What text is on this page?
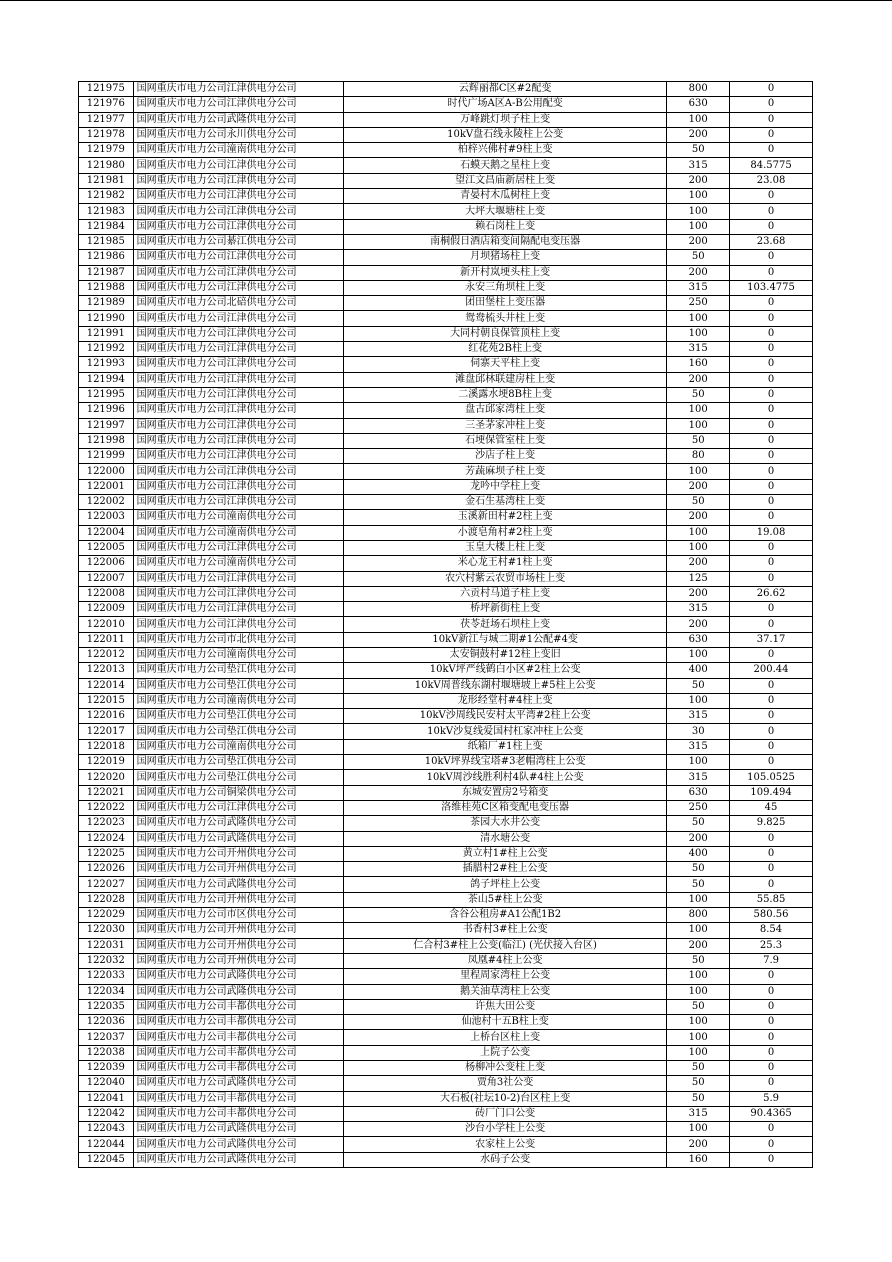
121975	国网重庆市电力公司江津供电分公司	云辉丽都C区#2配变	800	0
121976	国网重庆市电力公司江津供电分公司	时代广场A区A-B公用配变	630	0
121977	国网重庆市电力公司武隆供电分公司	万峰跳灯坝子柱上变	100	0
121978	国网重庆市电力公司永川供电分公司	10kV盘石线永陵柱上公变	200	0
121979	国网重庆市电力公司潼南供电分公司	柏梓兴佛村#9柱上变	50	0
121980	国网重庆市电力公司江津供电分公司	石蟆天鹅之星柱上变	315	84.5775
121981	国网重庆市电力公司江津供电分公司	望江文昌庙新居柱上变	200	23.08
121982	国网重庆市电力公司江津供电分公司	青晏村木瓜树柱上变	100	0
121983	国网重庆市电力公司江津供电分公司	大坪大堰塘柱上变	100	0
121984	国网重庆市电力公司江津供电分公司	赖石岗柱上变	100	0
121985	国网重庆市电力公司綦江供电分公司	南桐假日酒店箱变间隔配电变压器	200	23.68
121986	国网重庆市电力公司江津供电分公司	月坝猪场柱上变	50	0
121987	国网重庆市电力公司江津供电分公司	新开村岚埂头柱上变	200	0
121988	国网重庆市电力公司江津供电分公司	永安三角坝柱上变	315	103.4775
121989	国网重庆市电力公司北碚供电分公司	团田堡柱上变压器	250	0
121990	国网重庆市电力公司江津供电分公司	鸳鸯梳头井柱上变	100	0
121991	国网重庆市电力公司江津供电分公司	大同村朝良保管顶柱上变	100	0
121992	国网重庆市电力公司江津供电分公司	红花苑2B柱上变	315	0
121993	国网重庆市电力公司江津供电分公司	伺寨天平柱上变	160	0
121994	国网重庆市电力公司江津供电分公司	滩盘邱林联建房柱上变	200	0
121995	国网重庆市电力公司江津供电分公司	二溪露水埂8B柱上变	50	0
121996	国网重庆市电力公司江津供电分公司	盘古邱家湾柱上变	100	0
121997	国网重庆市电力公司江津供电分公司	三圣茅家冲柱上变	100	0
121998	国网重庆市电力公司江津供电分公司	石埂保管室柱上变	50	0
121999	国网重庆市电力公司江津供电分公司	沙店子柱上变	80	0
122000	国网重庆市电力公司江津供电分公司	芳蔬麻坝子柱上变	100	0
122001	国网重庆市电力公司江津供电分公司	龙吟中学柱上变	200	0
122002	国网重庆市电力公司江津供电分公司	金石生基湾柱上变	50	0
122003	国网重庆市电力公司潼南供电分公司	玉溪新田村#2柱上变	200	0
122004	国网重庆市电力公司潼南供电分公司	小渡皂角村#2柱上变	100	19.08
122005	国网重庆市电力公司江津供电分公司	玉皇大楼上柱上变	100	0
122006	国网重庆市电力公司潼南供电分公司	米心龙王村#1柱上变	200	0
122007	国网重庆市电力公司江津供电分公司	农穴村紫云农贸市场柱上变	125	0
122008	国网重庆市电力公司江津供电分公司	六贡村马道子柱上变	200	26.62
122009	国网重庆市电力公司江津供电分公司	桥坪新街柱上变	315	0
122010	国网重庆市电力公司江津供电分公司	茯苓赶场石坝柱上变	200	0
122011	国网重庆市电力公司市北供电分公司	10kV新江与城二期#1公配#4变	630	37.17
122012	国网重庆市电力公司潼南供电分公司	太安铜鼓村#12柱上变旧	100	0
122013	国网重庆市电力公司垫江供电分公司	10kV坪严线鹤白小区#2柱上公变	400	200.44
122014	国网重庆市电力公司垫江供电分公司	10kV周普线东湖村堰塘坡上#5柱上公变	50	0
122015	国网重庆市电力公司潼南供电分公司	龙形经堂村#4柱上变	100	0
122016	国网重庆市电力公司垫江供电分公司	10kV沙周线民安村太平湾#2柱上公变	315	0
122017	国网重庆市电力公司垫江供电分公司	10kV沙复线爱国村杠家冲柱上公变	30	0
122018	国网重庆市电力公司潼南供电分公司	纸箱厂#1柱上变	315	0
122019	国网重庆市电力公司垫江供电分公司	10kV坪界线宝塔#3老帽湾柱上公变	100	0
122020	国网重庆市电力公司垫江供电分公司	10kV周沙线胜利村4队#4柱上公变	315	105.0525
122021	国网重庆市电力公司铜梁供电分公司	东城安置房2号箱变	630	109.494
122022	国网重庆市电力公司江津供电分公司	洛维桂苑C区箱变配电变压器	250	45
122023	国网重庆市电力公司武隆供电分公司	茶园大水井公变	50	9.825
122024	国网重庆市电力公司武隆供电分公司	清水塘公变	200	0
122025	国网重庆市电力公司开州供电分公司	黄立村1#柱上公变	400	0
122026	国网重庆市电力公司开州供电分公司	插腊村2#柱上公变	50	0
122027	国网重庆市电力公司武隆供电分公司	鸽子坪柱上公变	50	0
122028	国网重庆市电力公司开州供电分公司	茶山5#柱上公变	100	55.85
122029	国网重庆市电力公司市区供电分公司	含谷公租房#A1公配1B2	800	580.56
122030	国网重庆市电力公司开州供电分公司	书香村3#柱上公变	100	8.54
122031	国网重庆市电力公司开州供电分公司	仁合村3#柱上公变(临江) (光伏接入台区)	200	25.3
122032	国网重庆市电力公司开州供电分公司	凤凰#4柱上公变	50	7.9
122033	国网重庆市电力公司武隆供电分公司	里程周家湾柱上公变	100	0
122034	国网重庆市电力公司武隆供电分公司	鹅关油草湾柱上公变	100	0
122035	国网重庆市电力公司丰都供电分公司	许焦大田公变	50	0
122036	国网重庆市电力公司丰都供电分公司	仙池村十五B柱上变	100	0
122037	国网重庆市电力公司丰都供电分公司	上桥台区柱上变	100	0
122038	国网重庆市电力公司丰都供电分公司	上院子公变	100	0
122039	国网重庆市电力公司丰都供电分公司	杨柳冲公变柱上变	50	0
122040	国网重庆市电力公司武隆供电分公司	贾角3社公变	50	0
122041	国网重庆市电力公司丰都供电分公司	大石板(社坛10-2)台区柱上变	50	5.9
122042	国网重庆市电力公司丰都供电分公司	砖厂门口公变	315	90.4365
122043	国网重庆市电力公司武隆供电分公司	沙台小学柱上公变	100	0
122044	国网重庆市电力公司武隆供电分公司	农家柱上公变	200	0
122045	国网重庆市电力公司武隆供电分公司	水码子公变	160	0
